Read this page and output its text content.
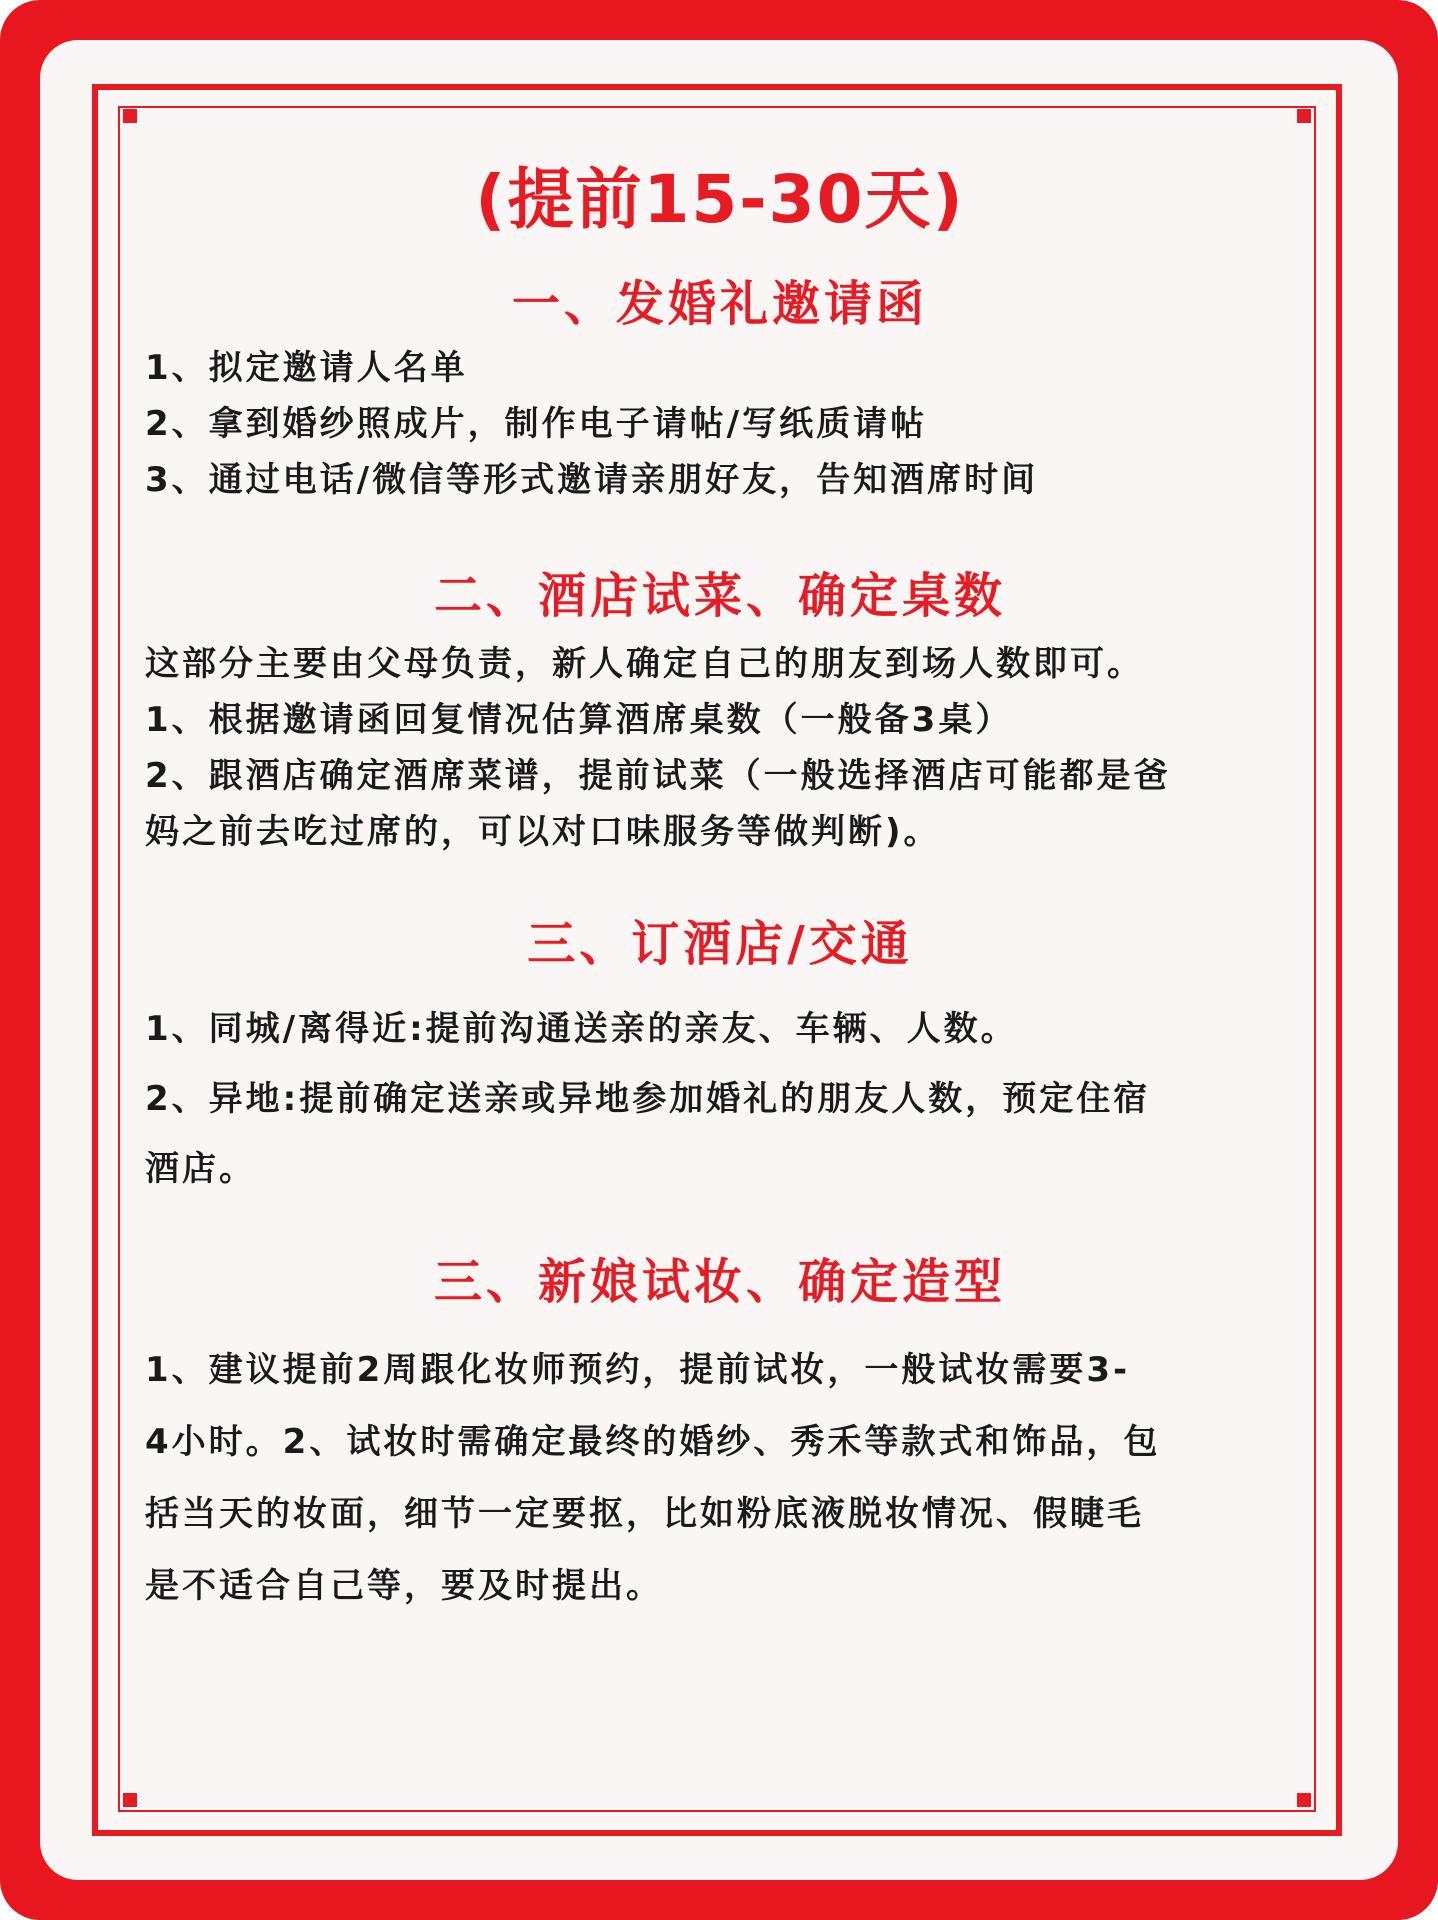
(提前15-30天)
一、发婚礼邀请函

1、拟定邀请人名单

2、拿到婚纱照成片，制作电子请帖/写纸质请帖

3、通过电话/微信等形式邀请亲朋好友，告知酒席时间

二、酒店试菜、确定桌数

这部分主要由父母负责，新人确定自己的朋友到场人数即可。

1、根据邀请函回复情况估算酒席桌数（一般备3桌）

2、跟酒店确定酒席菜谱，提前试菜（一般选择酒店可能都是爸

妈之前去吃过席的，可以对口味服务等做判断)。

三、订酒店/交通

1、同城/离得近:提前沟通送亲的亲友、车辆、人数。

2、异地:提前确定送亲或异地参加婚礼的朋友人数，预定住宿

酒店。

三、新娘试妆、确定造型

1、建议提前2周跟化妆师预约，提前试妆，一般试妆需要3-

4小时。2、试妆时需确定最终的婚纱、秀禾等款式和饰品，包

括当天的妆面，细节一定要抠，比如粉底液脱妆情况、假睫毛

是不适合自己等，要及时提出。
